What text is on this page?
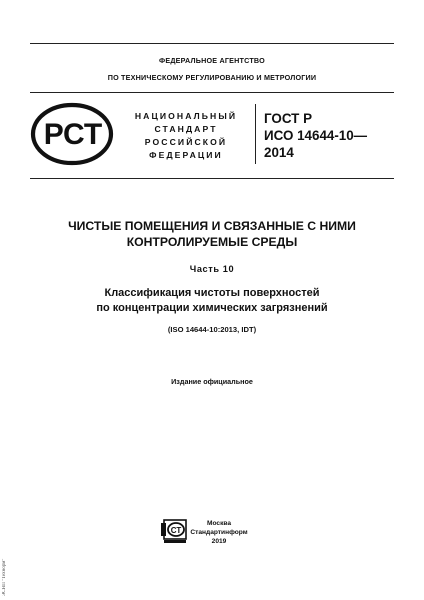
ФЕДЕРАЛЬНОЕ АГЕНТСТВО
ПО ТЕХНИЧЕСКОМУ РЕГУЛИРОВАНИЮ И МЕТРОЛОГИИ
РСТ
НАЦИОНАЛЬНЫЙ
СТАНДАРТ
РОССИЙСКОЙ
ФЕДЕРАЦИИ
ГОСТ Р
ИСО 14644-10—
2014
ЧИСТЫЕ ПОМЕЩЕНИЯ И СВЯЗАННЫЕ С НИМИ
КОНТРОЛИРУЕМЫЕ СРЕДЫ
Часть 10
Классификация чистоты поверхностей
по концентрации химических загрязнений
(ISO 14644-10:2013, IDT)
Издание официальное
СТ
Москва
Стандартинформ
2019
ЭСНП "Технорм"
